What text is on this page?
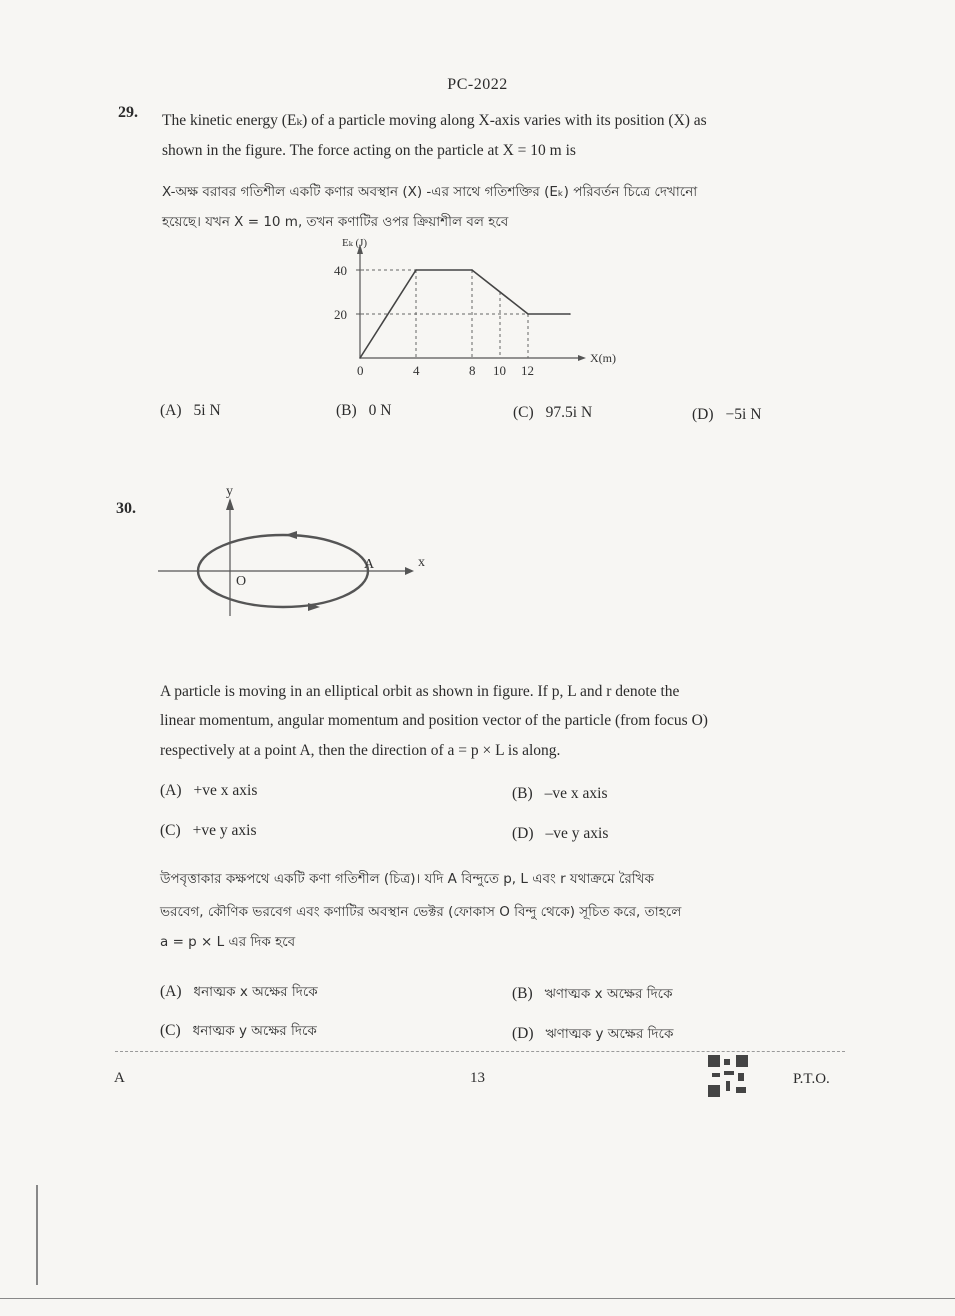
PC-2022
29. The kinetic energy (Eₖ) of a particle moving along X-axis varies with its position (X) as
shown in the figure. The force acting on the particle at X = 10 m is
X-অক্ষ বরাবর গতিশীল একটি কণার অবস্থান (X) -এর সাথে গতিশক্তির (Eₖ) পরিবর্তন চিত্রে দেখানো
হয়েছে। যখন X = 10 m, তখন কণাটির ওপর ক্রিয়াশীল বল হবে
Eₖ (J)
X(m)
20
40
0	4	8 10 12
(A) 5i N	(B) 0 N	(C) 97.5i N	(D) −5i N
30.
y
x
A
O
A particle is moving in an elliptical orbit as shown in figure. If p, L and r denote the
linear momentum, angular momentum and position vector of the particle (from focus O)
respectively at a point A, then the direction of a = p × L is along.
(A) +ve x axis	(B) –ve x axis
(C) +ve y axis	(D) –ve y axis
উপবৃত্তাকার কক্ষপথে একটি কণা গতিশীল (চিত্র)। যদি A বিন্দুতে p, L এবং r যথাক্রমে রৈখিক
ভরবেগ, কৌণিক ভরবেগ এবং কণাটির অবস্থান ভেক্টর (ফোকাস O বিন্দু থেকে) সূচিত করে, তাহলে
a = p × L এর দিক হবে
(A) ধনাত্মক x অক্ষের দিকে	(B) ঋণাত্মক x অক্ষের দিকে
(C) ধনাত্মক y অক্ষের দিকে	(D) ঋণাত্মক y অক্ষের দিকে
A	13	P.T.O.
